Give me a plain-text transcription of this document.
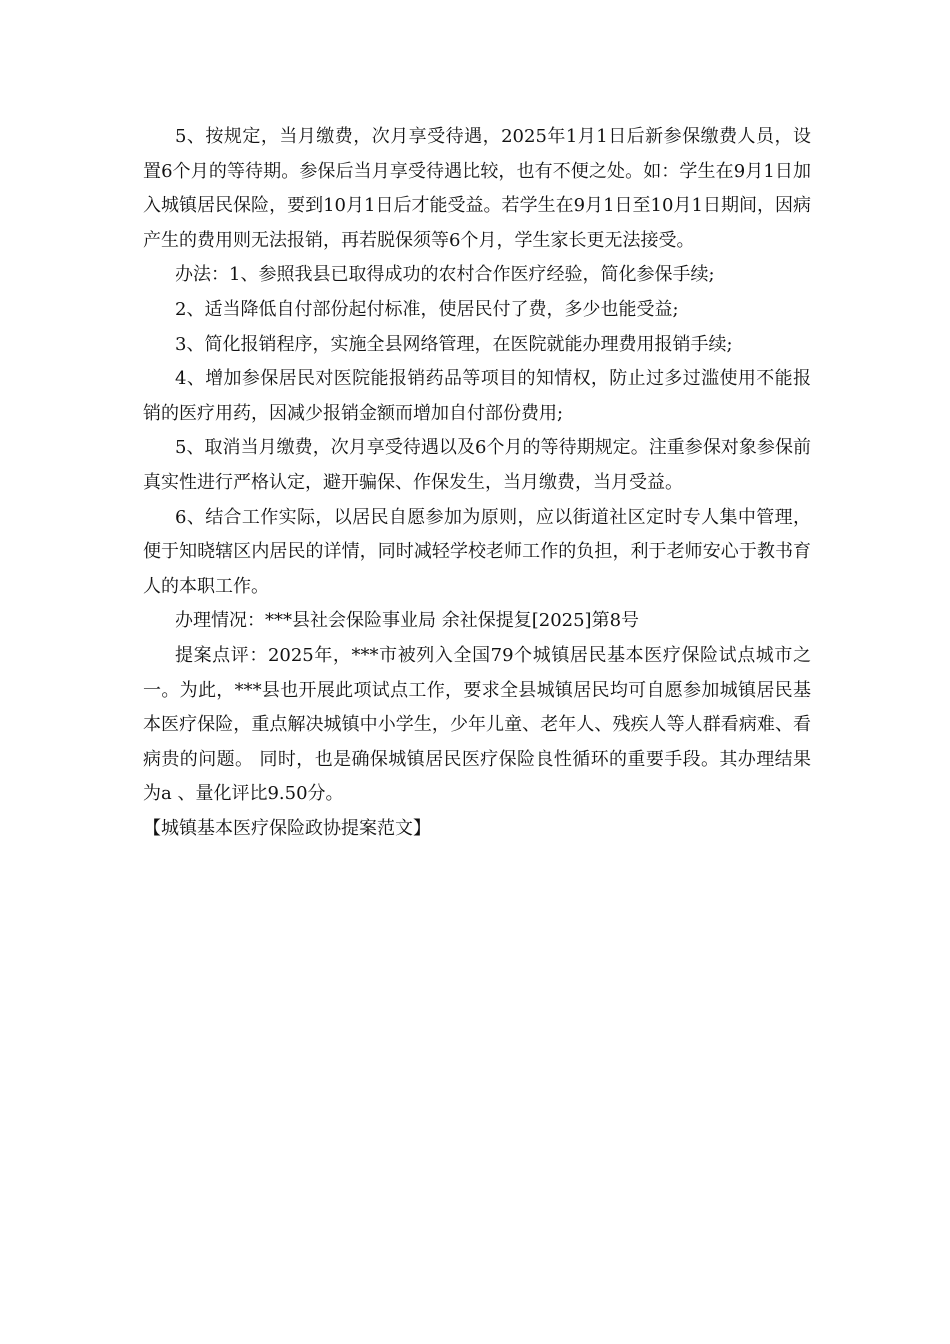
5、按规定，当月缴费，次月享受待遇，2025年1月1日后新参保缴费人员，设置6个月的等待期。参保后当月享受待遇比较，也有不便之处。如：学生在9月1日加入城镇居民保险，要到10月1日后才能受益。若学生在9月1日至10月1日期间，因病产生的费用则无法报销，再若脱保须等6个月，学生家长更无法接受。

办法：1、参照我县已取得成功的农村合作医疗经验，简化参保手续;

2、适当降低自付部份起付标准，使居民付了费，多少也能受益;

3、简化报销程序，实施全县网络管理，在医院就能办理费用报销手续;

4、增加参保居民对医院能报销药品等项目的知情权，防止过多过滥使用不能报销的医疗用药，因减少报销金额而增加自付部份费用;

5、取消当月缴费，次月享受待遇以及6个月的等待期规定。注重参保对象参保前真实性进行严格认定，避开骗保、作保发生，当月缴费，当月受益。

6、结合工作实际，以居民自愿参加为原则，应以街道社区定时专人集中管理，便于知晓辖区内居民的详情，同时减轻学校老师工作的负担，利于老师安心于教书育人的本职工作。

办理情况：***县社会保险事业局 余社保提复[2025]第8号

提案点评：2025年，***市被列入全国79个城镇居民基本医疗保险试点城市之一。为此，***县也开展此项试点工作，要求全县城镇居民均可自愿参加城镇居民基本医疗保险，重点解决城镇中小学生，少年儿童、老年人、残疾人等人群看病难、看病贵的问题。 同时，也是确保城镇居民医疗保险良性循环的重要手段。其办理结果为a 、量化评比9.50分。

【城镇基本医疗保险政协提案范文】
